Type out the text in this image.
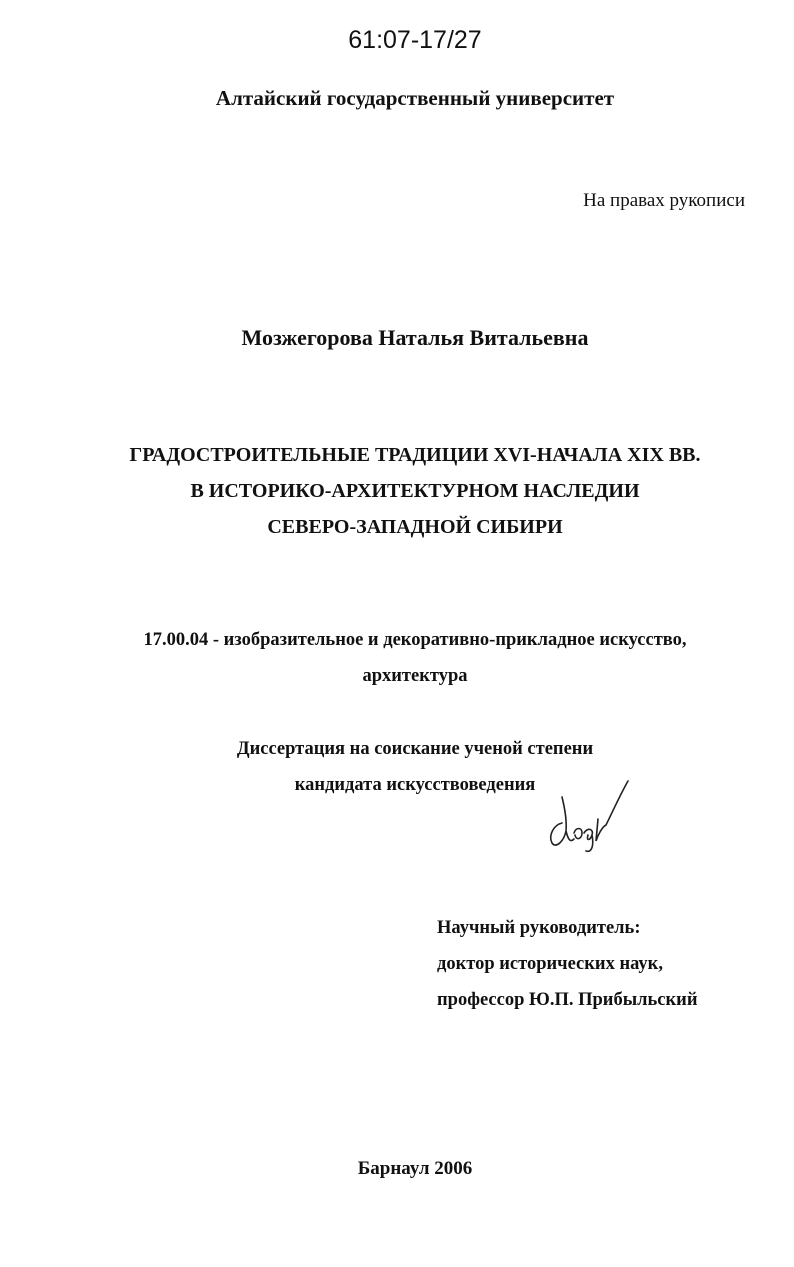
61:07-17/27
Алтайский государственный университет
На правах рукописи
Мозжегорова Наталья Витальевна
ГРАДОСТРОИТЕЛЬНЫЕ ТРАДИЦИИ XVI-НАЧАЛА XIX ВВ.
В ИСТОРИКО-АРХИТЕКТУРНОМ НАСЛЕДИИ
СЕВЕРО-ЗАПАДНОЙ СИБИРИ
17.00.04 - изобразительное и декоративно-прикладное искусство,
архитектура
Диссертация на соискание ученой степени
кандидата искусствоведения
Научный руководитель:
доктор исторических наук,
профессор Ю.П. Прибыльский
Барнаул 2006
